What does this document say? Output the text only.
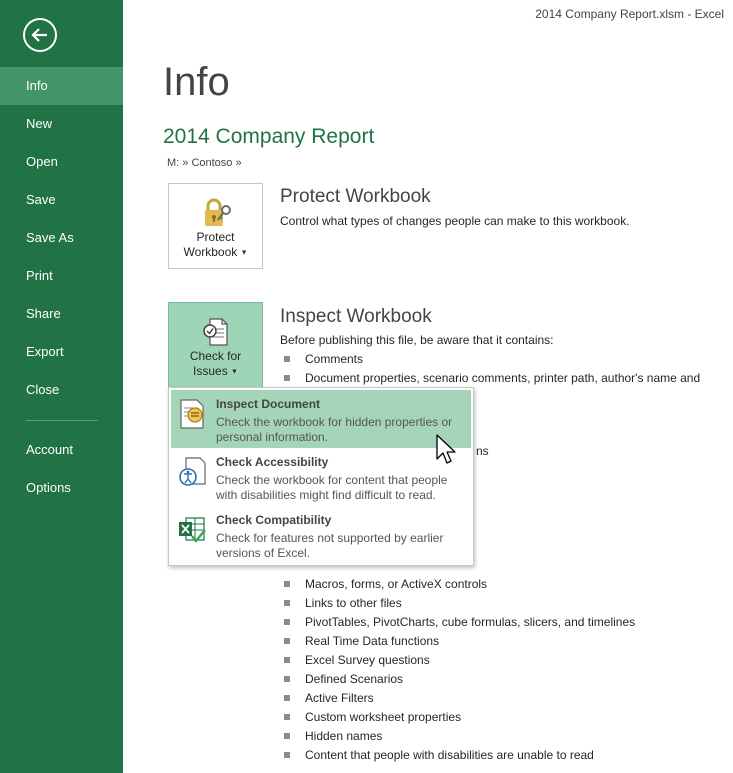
Info
New
Open
Save
Save As
Print
Share
Export
Close
Account
Options
2014 Company Report.xlsm - Excel
Info
2014 Company Report
M: » Contoso »
Protect
Workbook ▼
Protect Workbook
Control what types of changes people can make to this workbook.
Check for
Issues ▼
Inspect Workbook
Before publishing this file, be aware that it contains:
Comments
Document properties, scenario comments, printer path, author's name and
ns
Macros, forms, or ActiveX controls
Links to other files
PivotTables, PivotCharts, cube formulas, slicers, and timelines
Real Time Data functions
Excel Survey questions
Defined Scenarios
Active Filters
Custom worksheet properties
Hidden names
Content that people with disabilities are unable to read
Inspect Document
Check the workbook for hidden properties or personal information.
Check Accessibility
Check the workbook for content that people with disabilities might find difficult to read.
Check Compatibility
Check for features not supported by earlier versions of Excel.
